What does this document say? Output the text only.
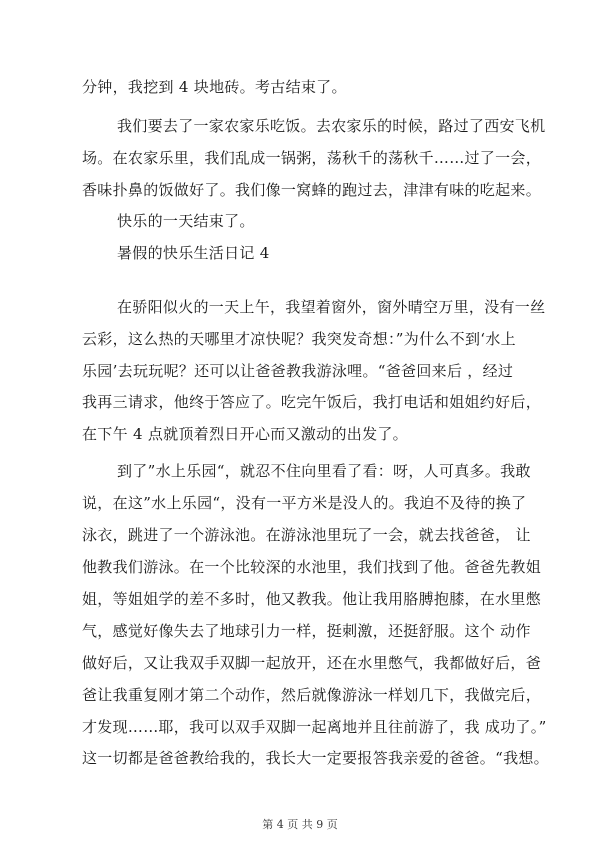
分钟，我挖到 4 块地砖。考古结束了。
我们要去了一家农家乐吃饭。去农家乐的时候，路过了西安飞机
场。在农家乐里，我们乱成一锅粥，荡秋千的荡秋千……过了一会，
香味扑鼻的饭做好了。我们像一窝蜂的跑过去，津津有味的吃起来。
快乐的一天结束了。
暑假的快乐生活日记 4
在骄阳似火的一天上午，我望着窗外，窗外晴空万里，没有一丝
云彩，这么热的天哪里才凉快呢？我突发奇想：”为什么不到‘水上
乐园’去玩玩呢？还可以让爸爸教我游泳哩。“爸爸回来后 ，经过
我再三请求，他终于答应了。吃完午饭后，我打电话和姐姐约好后，
在下午 4 点就顶着烈日开心而又激动的出发了。
到了”水上乐园“，就忍不住向里看了看：呀，人可真多。我敢
说，在这”水上乐园“，没有一平方米是没人的。我迫不及待的换了
泳衣，跳进了一个游泳池。在游泳池里玩了一会，就去找爸爸， 让
他教我们游泳。在一个比较深的水池里，我们找到了他。爸爸先教姐
姐，等姐姐学的差不多时，他又教我。他让我用胳膊抱膝，在水里憋
气，感觉好像失去了地球引力一样，挺刺激，还挺舒服。这个 动作
做好后，又让我双手双脚一起放开，还在水里憋气，我都做好后，爸
爸让我重复刚才第二个动作，然后就像游泳一样划几下，我做完后，
才发现……耶，我可以双手双脚一起离地并且往前游了，我 成功了。”
这一切都是爸爸教给我的，我长大一定要报答我亲爱的爸爸。“我想。
第 4 页 共 9 页
